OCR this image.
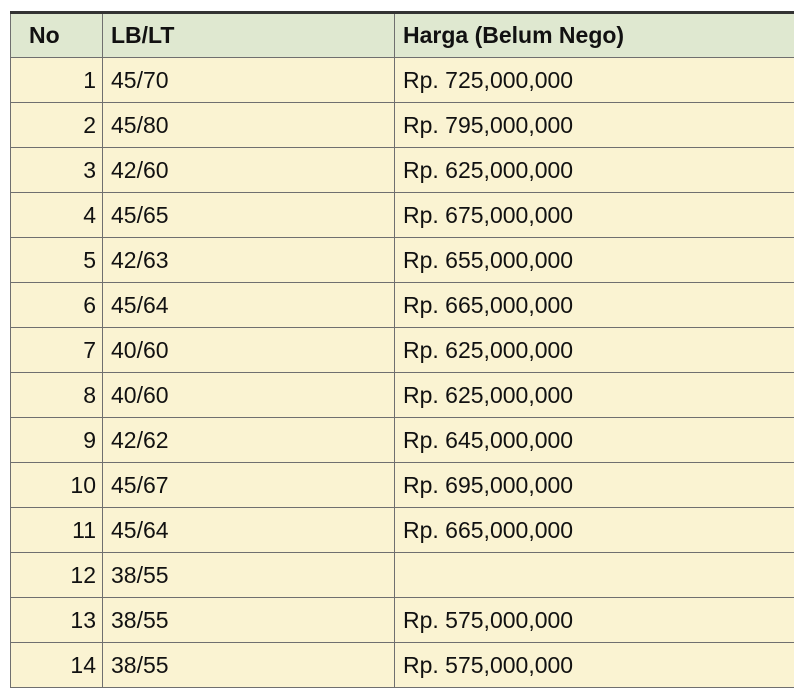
No	LB/LT	Harga (Belum Nego)
1	45/70	Rp. 725,000,000
2	45/80	Rp. 795,000,000
3	42/60	Rp. 625,000,000
4	45/65	Rp. 675,000,000
5	42/63	Rp. 655,000,000
6	45/64	Rp. 665,000,000
7	40/60	Rp. 625,000,000
8	40/60	Rp. 625,000,000
9	42/62	Rp. 645,000,000
10	45/67	Rp. 695,000,000
11	45/64	Rp. 665,000,000
12	38/55	
13	38/55	Rp. 575,000,000
14	38/55	Rp. 575,000,000
